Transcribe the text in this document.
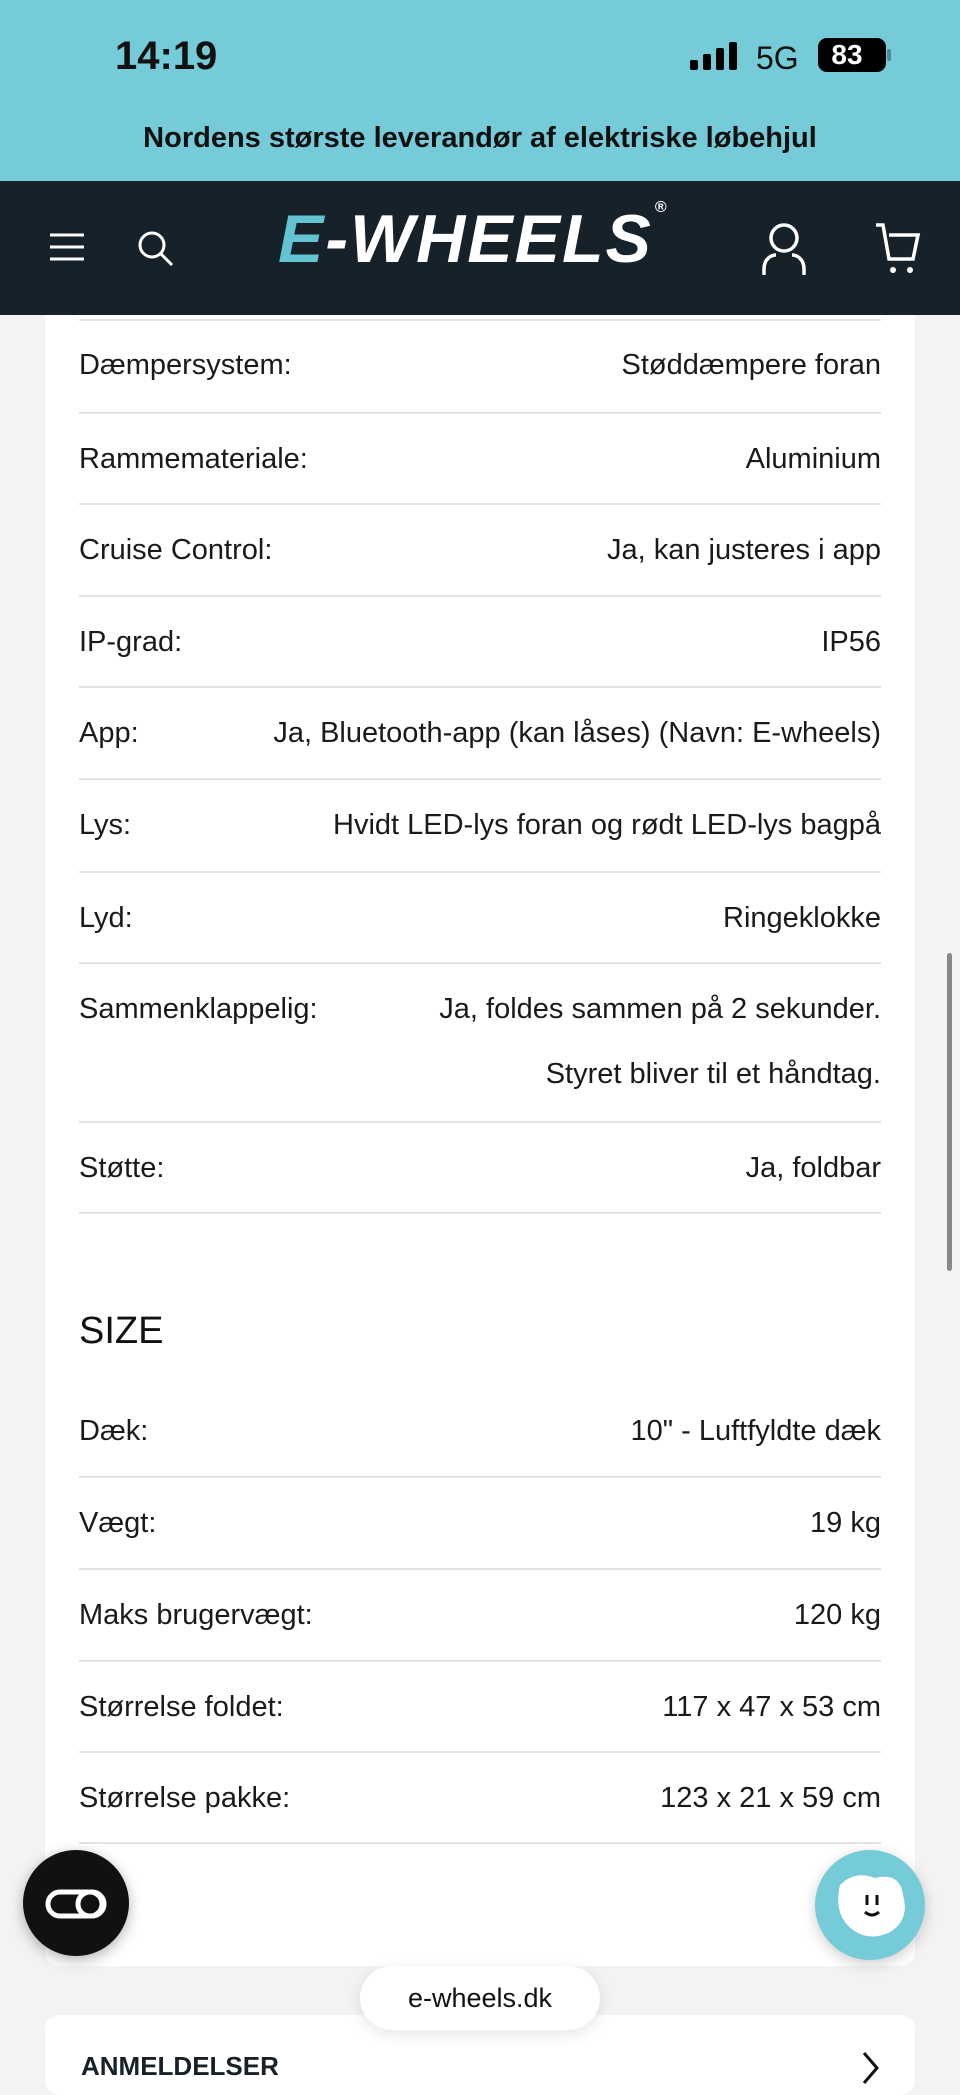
14:19	5G	83
Nordens største leverandør af elektriske løbehjul
E-WHEELS ®
Dæmpersystem:	Støddæmpere foran
Rammemateriale:	Aluminium
Cruise Control:	Ja, kan justeres i app
IP-grad:	IP56
App:	Ja, Bluetooth-app (kan låses) (Navn: E-wheels)
Lys:	Hvidt LED-lys foran og rødt LED-lys bagpå
Lyd:	Ringeklokke
Sammenklappelig:	Ja, foldes sammen på 2 sekunder.
Styret bliver til et håndtag.
Støtte:	Ja, foldbar
SIZE
Dæk:	10" - Luftfyldte dæk
Vægt:	19 kg
Maks brugervægt:	120 kg
Størrelse foldet:	117 x 47 x 53 cm
Størrelse pakke:	123 x 21 x 59 cm
ANMELDELSER
e-wheels.dk
